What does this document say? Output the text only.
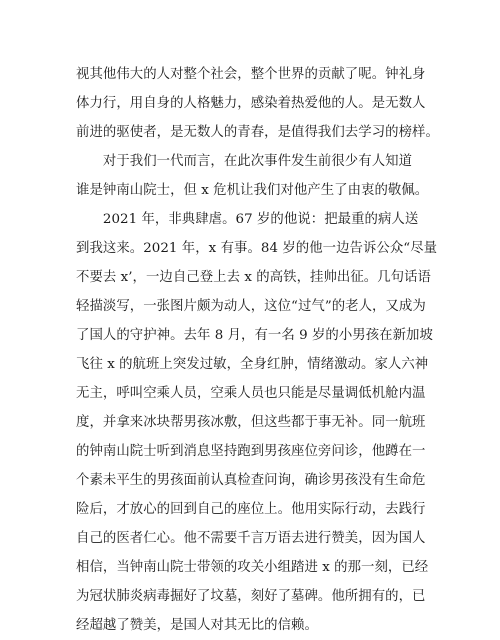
视其他伟大的人对整个社会，整个世界的贡献了呢。钟礼身
体力行，用自身的人格魅力，感染着热爱他的人。是无数人
前进的驱使者，是无数人的青春，是值得我们去学习的榜样。
　　对于我们一代而言，在此次事件发生前很少有人知道
谁是钟南山院士，但 x 危机让我们对他产生了由衷的敬佩。
　　2021 年，非典肆虐。67 岁的他说：把最重的病人送
到我这来。2021 年，x 有事。84 岁的他一边告诉公众“尽量
不要去 x’，一边自己登上去 x 的高铁，挂帅出征。几句话语
轻描淡写，一张图片颇为动人，这位“过气”的老人，又成为
了国人的守护神。去年 8 月，有一名 9 岁的小男孩在新加坡
飞往 x 的航班上突发过敏，全身红肿，情绪激动。家人六神
无主，呼叫空乘人员，空乘人员也只能是尽量调低机舱内温
度，并拿来冰块帮男孩冰敷，但这些都于事无补。同一航班
的钟南山院士听到消息坚持跑到男孩座位旁问诊，他蹲在一
个素未平生的男孩面前认真检查问询，确诊男孩没有生命危
险后，才放心的回到自己的座位上。他用实际行动，去践行
自己的医者仁心。他不需要千言万语去进行赞美，因为国人
相信，当钟南山院士带领的攻关小组踏进 x 的那一刻，已经
为冠状肺炎病毒掘好了坟墓，刻好了墓碑。他所拥有的，已
经超越了赞美，是国人对其无比的信赖。
